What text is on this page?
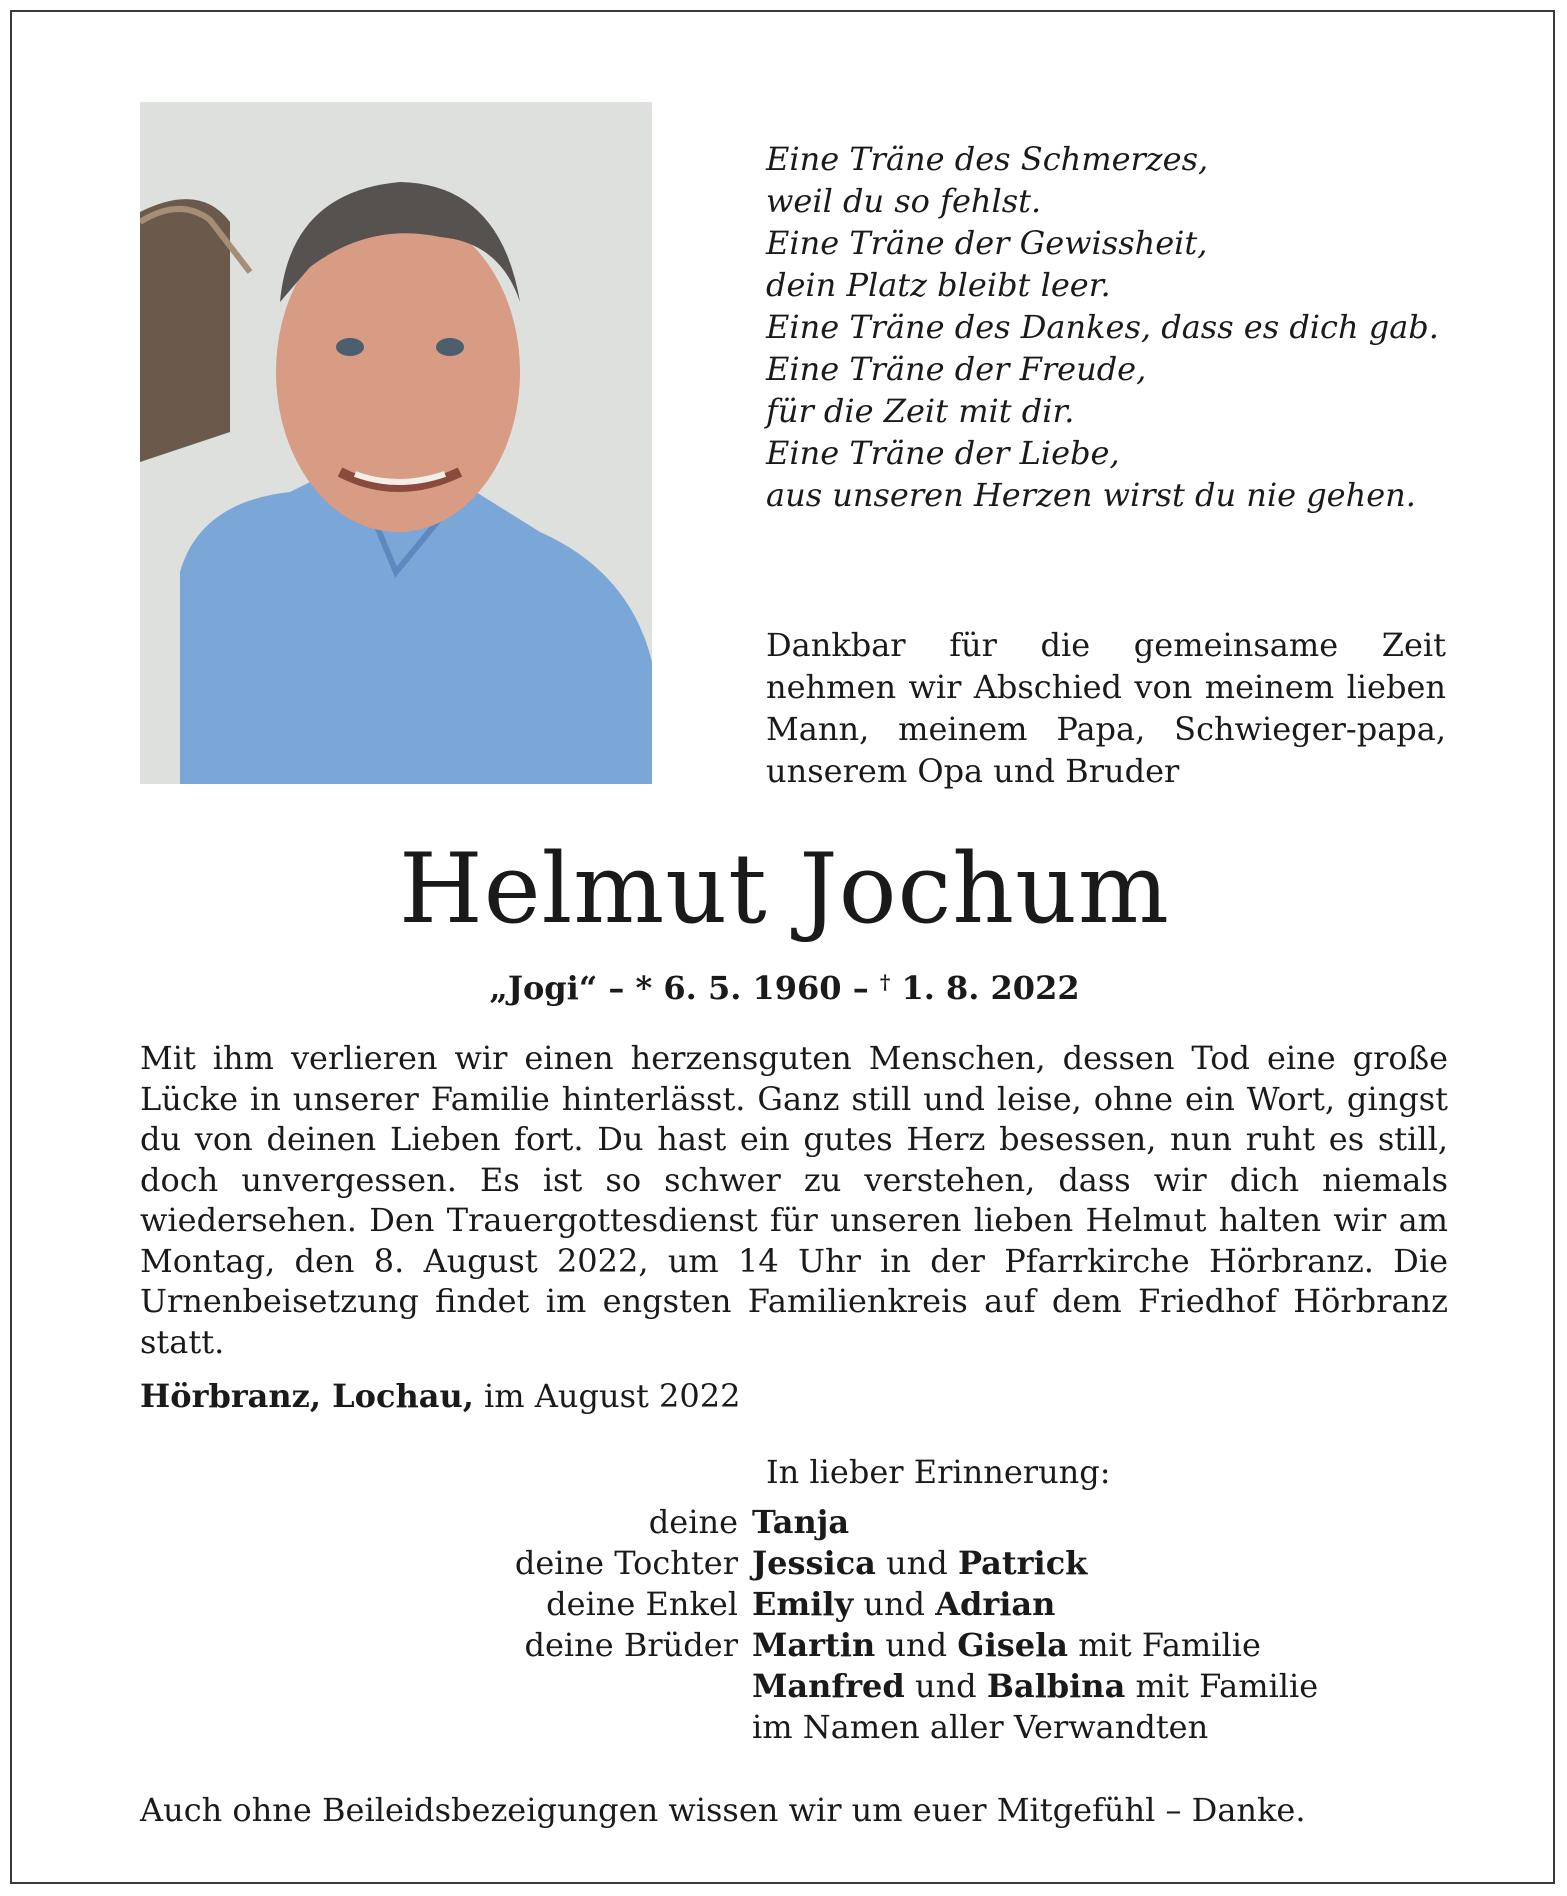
Eine Träne des Schmerzes,
weil du so fehlst.
Eine Träne der Gewissheit,
dein Platz bleibt leer.
Eine Träne des Dankes, dass es dich gab.
Eine Träne der Freude,
für die Zeit mit dir.
Eine Träne der Liebe,
aus unseren Herzen wirst du nie gehen.
Dankbar für die gemeinsame Zeit nehmen wir Abschied von meinem lieben Mann, meinem Papa, Schwieger-papa, unserem Opa und Bruder
Helmut Jochum
„Jogi“ – * 6. 5. 1960 – † 1. 8. 2022
Mit ihm verlieren wir einen herzensguten Menschen, dessen Tod eine große Lücke in unserer Familie hinterlässt. Ganz still und leise, ohne ein Wort, gingst du von deinen Lieben fort. Du hast ein gutes Herz besessen, nun ruht es still, doch unvergessen. Es ist so schwer zu verstehen, dass wir dich niemals wiedersehen. Den Trauergottesdienst für unseren lieben Helmut halten wir am Montag, den 8. August 2022, um 14 Uhr in der Pfarrkirche Hörbranz. Die Urnenbeisetzung findet im engsten Familienkreis auf dem Friedhof Hörbranz statt.
Hörbranz, Lochau, im August 2022
In lieber Erinnerung:
deine Tanja
deine Tochter Jessica und Patrick
deine Enkel Emily und Adrian
deine Brüder Martin und Gisela mit Familie
Manfred und Balbina mit Familie
im Namen aller Verwandten
Auch ohne Beileidsbezeigungen wissen wir um euer Mitgefühl – Danke.
